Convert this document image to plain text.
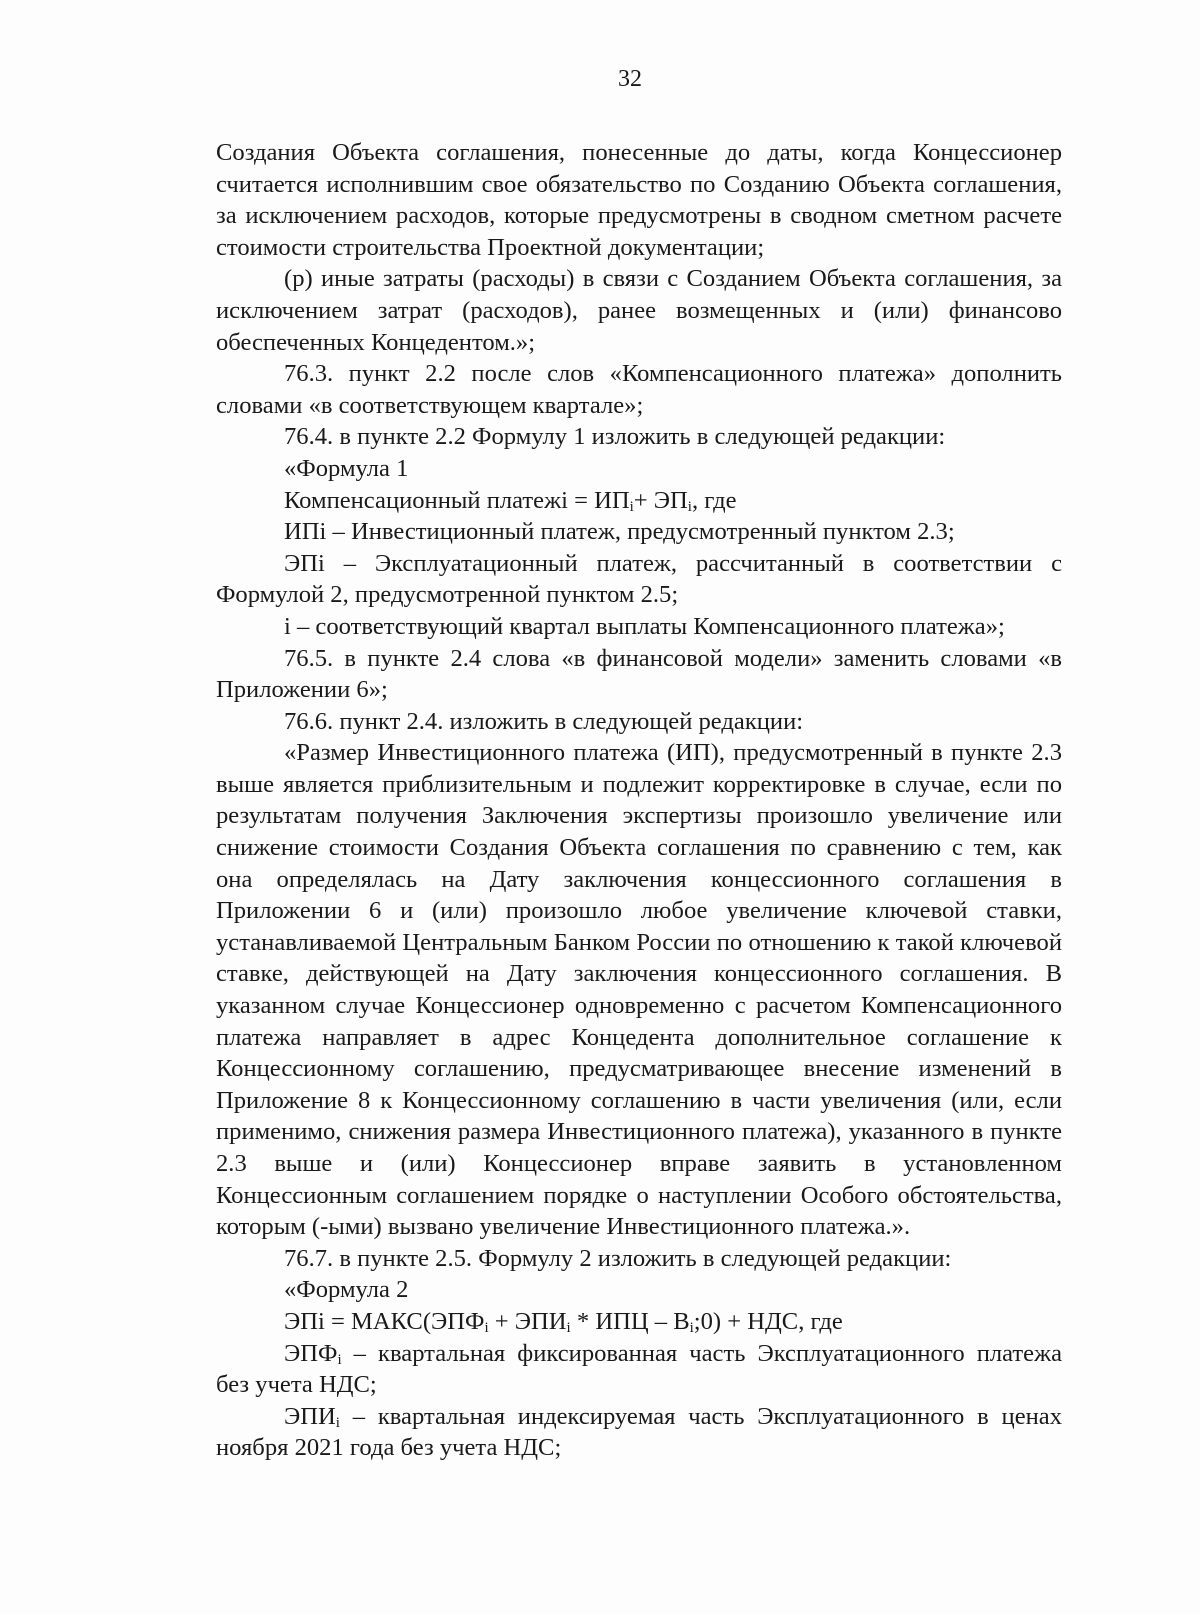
32

Создания Объекта соглашения, понесенные до даты, когда Концессионер считается исполнившим свое обязательство по Созданию Объекта соглашения, за исключением расходов, которые предусмотрены в сводном сметном расчете стоимости строительства Проектной документации;

(р) иные затраты (расходы) в связи с Созданием Объекта соглашения, за исключением затрат (расходов), ранее возмещенных и (или) финансово обеспеченных Концедентом.»;

76.3. пункт 2.2 после слов «Компенсационного платежа» дополнить словами «в соответствующем квартале»;

76.4. в пункте 2.2 Формулу 1 изложить в следующей редакции:

«Формула 1

Компенсационный платежi = $ИП_i+ ЭП_i$, где

ИПi – Инвестиционный платеж, предусмотренный пунктом 2.3;

ЭПi – Эксплуатационный платеж, рассчитанный в соответствии с Формулой 2, предусмотренной пунктом 2.5;

i – соответствующий квартал выплаты Компенсационного платежа»;

76.5. в пункте 2.4 слова «в финансовой модели» заменить словами «в Приложении 6»;

76.6. пункт 2.4. изложить в следующей редакции:

«Размер Инвестиционного платежа (ИП), предусмотренный в пункте 2.3 выше является приблизительным и подлежит корректировке в случае, если по результатам получения Заключения экспертизы произошло увеличение или снижение стоимости Создания Объекта соглашения по сравнению с тем, как она определялась на Дату заключения концессионного соглашения в Приложении 6 и (или) произошло любое увеличение ключевой ставки, устанавливаемой Центральным Банком России по отношению к такой ключевой ставке, действующей на Дату заключения концессионного соглашения. В указанном случае Концессионер одновременно с расчетом Компенсационного платежа направляет в адрес Концедента дополнительное соглашение к Концессионному соглашению, предусматривающее внесение изменений в Приложение 8 к Концессионному соглашению в части увеличения (или, если применимо, снижения размера Инвестиционного платежа), указанного в пункте 2.3 выше и (или) Концессионер вправе заявить в установленном Концессионным соглашением порядке о наступлении Особого обстоятельства, которым (-ыми) вызвано увеличение Инвестиционного платежа.».

76.7. в пункте 2.5. Формулу 2 изложить в следующей редакции:

«Формула 2

ЭПi = $МАКС(ЭПФ_i + ЭПИ_i$ * ИПЦ – $В_i;0$) + НДС, где

$ЭПФ_i$ – квартальная фиксированная часть Эксплуатационного платежа без учета НДС;

$ЭПИ_i$ – квартальная индексируемая часть Эксплуатационного в ценах ноября 2021 года без учета НДС;
